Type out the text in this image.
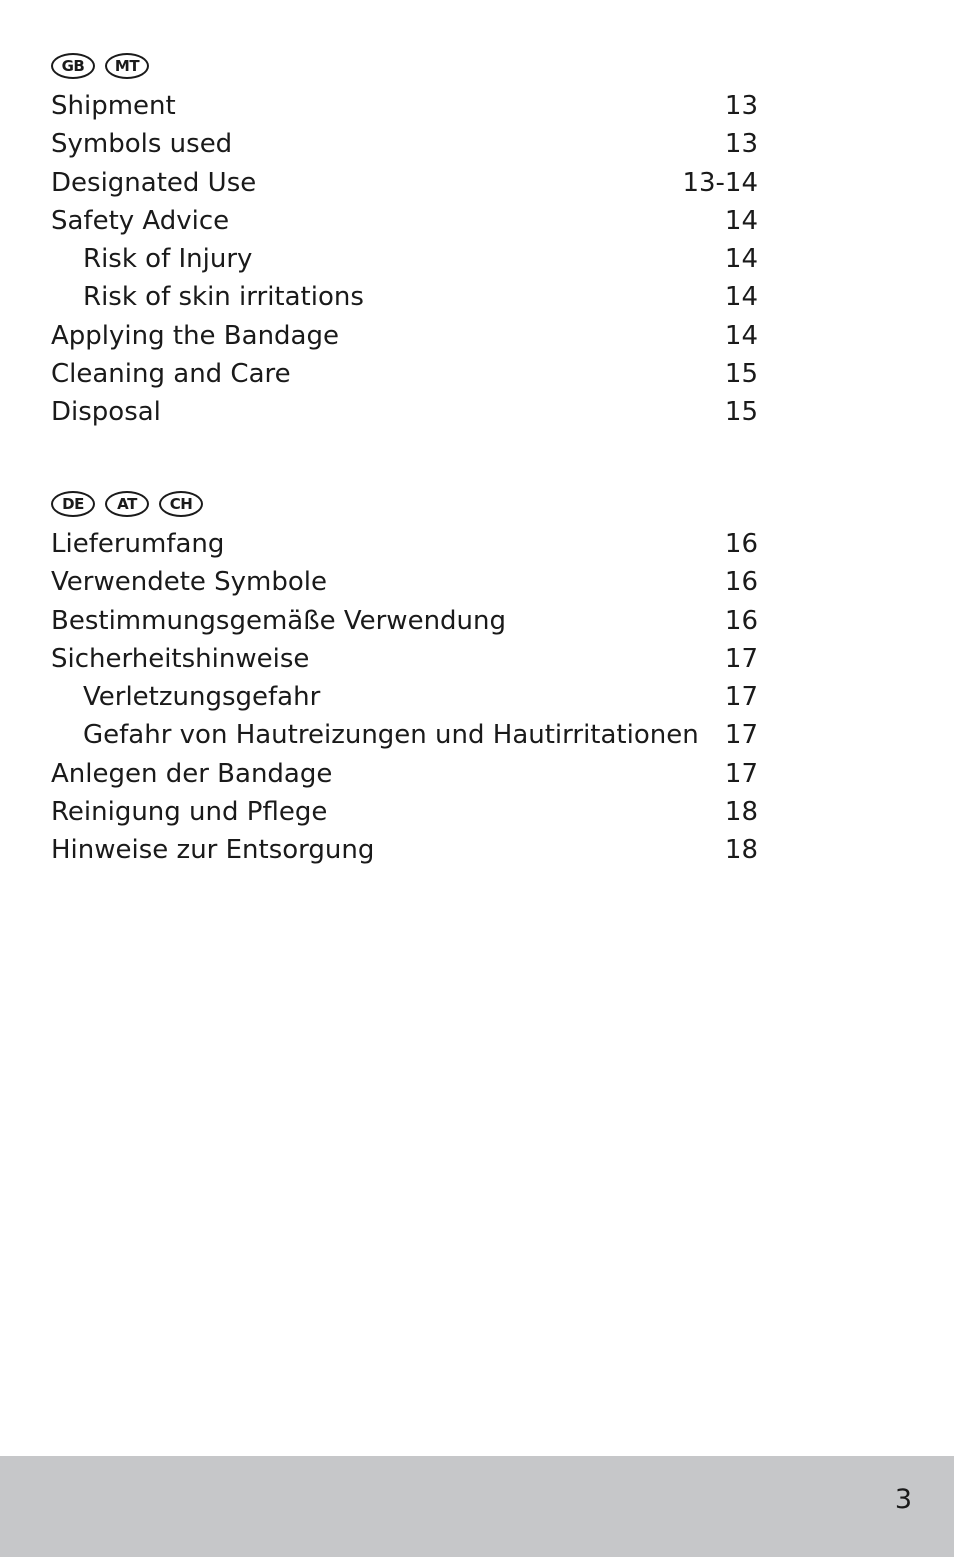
GB	MT
Shipment	13
Symbols used	13
Designated Use	13-14
Safety Advice	14
Risk of Injury	14
Risk of skin irritations	14
Applying the Bandage	14
Cleaning and Care	15
Disposal	15
DE	AT	CH
Lieferumfang	16
Verwendete Symbole	16
Bestimmungsgemäße Verwendung	16
Sicherheitshinweise	17
Verletzungsgefahr	17
Gefahr von Hautreizungen und Hautirritationen 17
Anlegen der Bandage	17
Reinigung und Pflege	18
Hinweise zur Entsorgung	18
3
